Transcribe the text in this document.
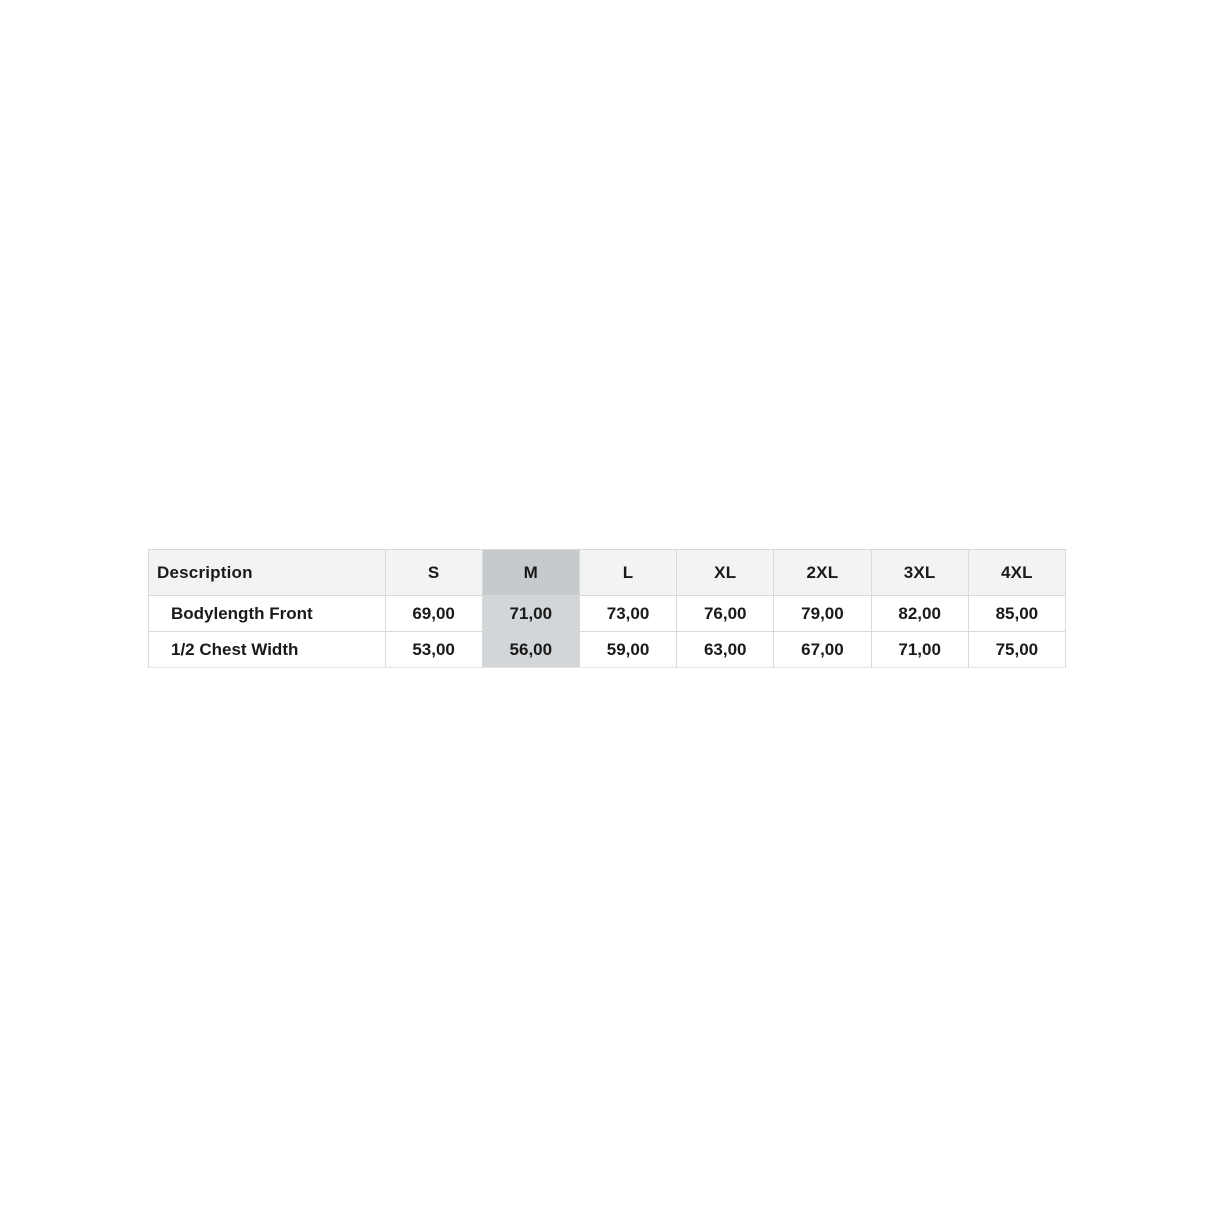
Description	S	M	L	XL	2XL	3XL	4XL
Bodylength Front	69,00	71,00	73,00	76,00	79,00	82,00	85,00
1/2 Chest Width	53,00	56,00	59,00	63,00	67,00	71,00	75,00
